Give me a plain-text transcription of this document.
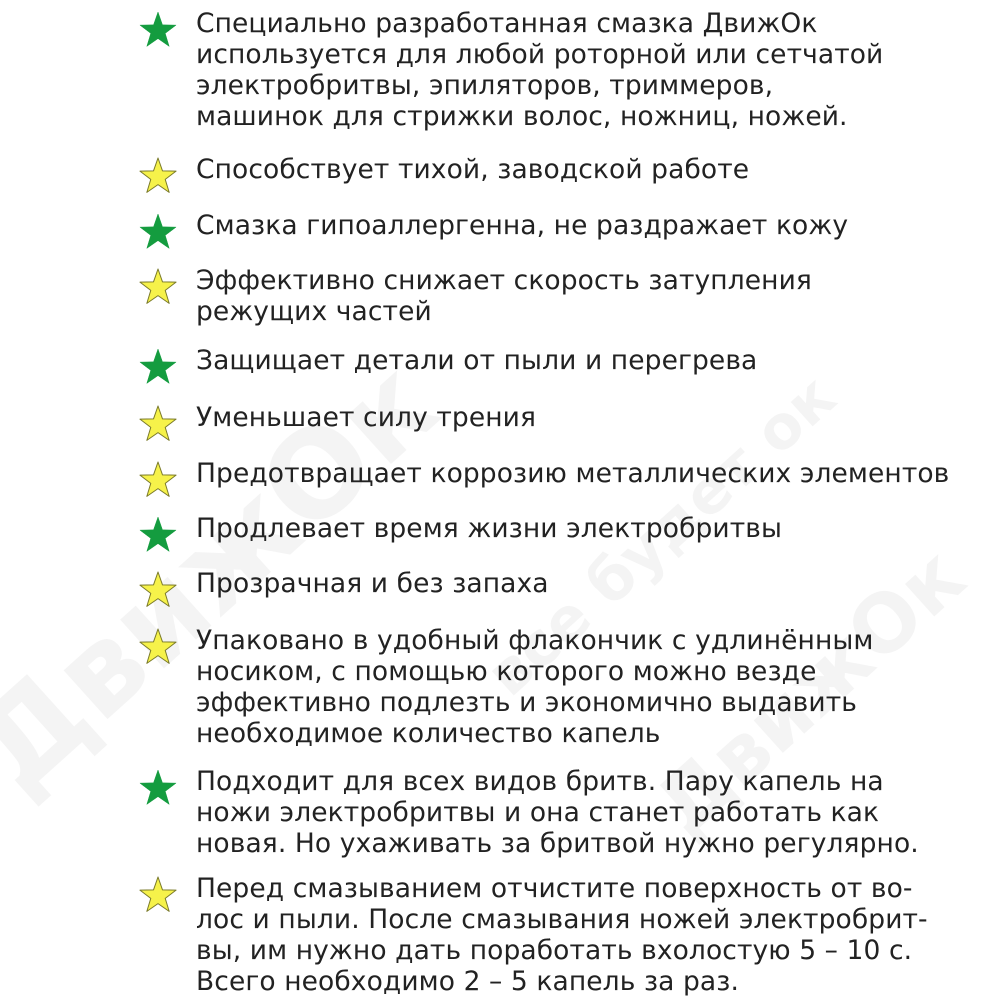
Специально разработанная смазка ДвижОк
используется для любой роторной или сетчатой
электробритвы, эпиляторов, триммеров,
машинок для стрижки волос, ножниц, ножей.
Способствует тихой, заводской работе
Смазка гипоаллергенна, не раздражает кожу
Эффективно снижает скорость затупления
режущих частей
Защищает детали от пыли и перегрева
Уменьшает силу трения
Предотвращает коррозию металлических элементов
Продлевает время жизни электробритвы
Прозрачная и без запаха
Упаковано в удобный флакончик с удлинённым
носиком, с помощью которого можно везде
эффективно подлезть и экономично выдавить
необходимое количество капель
Подходит для всех видов бритв. Пару капель на
ножи электробритвы и она станет работать как
новая. Но ухаживать за бритвой нужно регулярно.
Перед смазыванием отчистите поверхность от во-
лос и пыли. После смазывания ножей электробрит-
вы, им нужно дать поработать вхолостую 5 – 10 с.
Всего необходимо 2 – 5 капель за раз.
